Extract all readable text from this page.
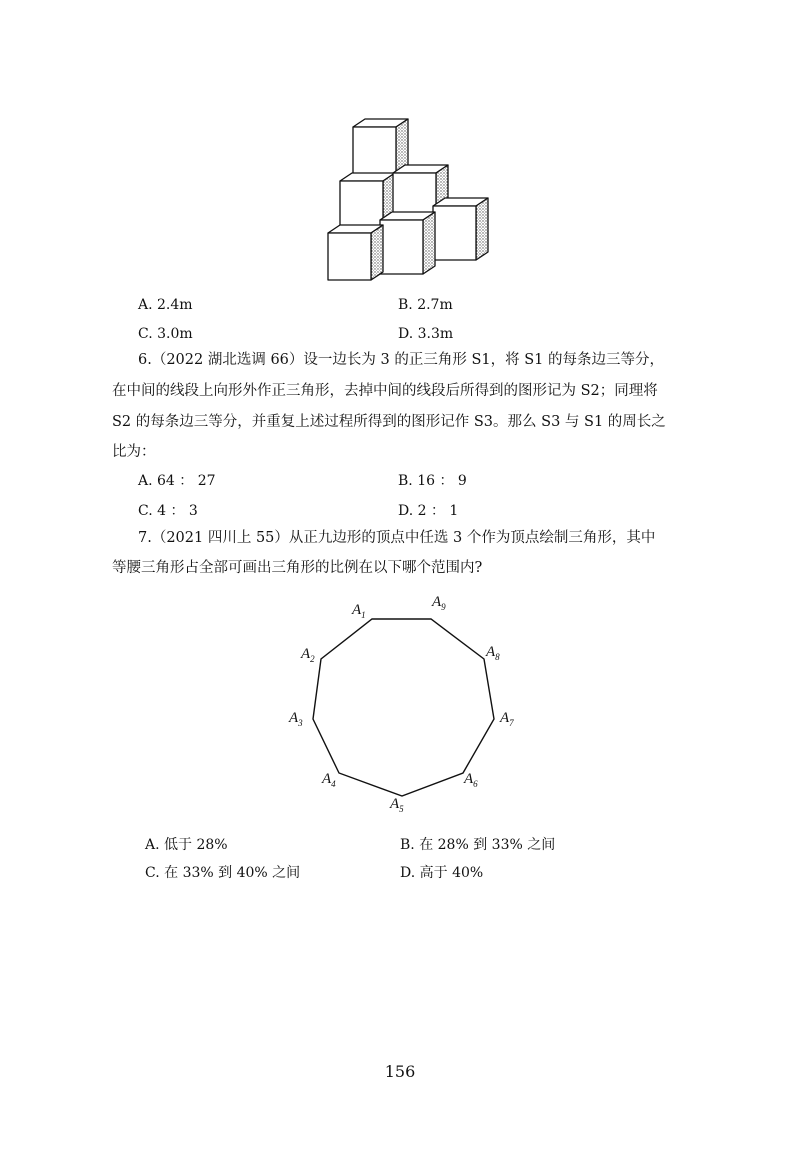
A. 2.4m	B. 2.7m
C. 3.0m	D. 3.3m
6.（2022 湖北选调 66）设一边长为 3 的正三角形 S1，将 S1 的每条边三等分，
在中间的线段上向形外作正三角形，去掉中间的线段后所得到的图形记为 S2；同理将
S2 的每条边三等分，并重复上述过程所得到的图形记作 S3。那么 S3 与 S1 的周长之
比为：
A. 64 ： 27	B. 16 ： 9
C. 4 ： 3	D. 2 ： 1
7.（2021 四川上 55）从正九边形的顶点中任选 3 个作为顶点绘制三角形，其中
等腰三角形占全部可画出三角形的比例在以下哪个范围内?
$A_1$
$A_2$
$A_3$
$A_4$
$A_5$
$A_6$
$A_7$
$A_8$
$A_9$
A. 低于 28%	B. 在 28% 到 33% 之间
C. 在 33% 到 40% 之间	D. 高于 40%
156
